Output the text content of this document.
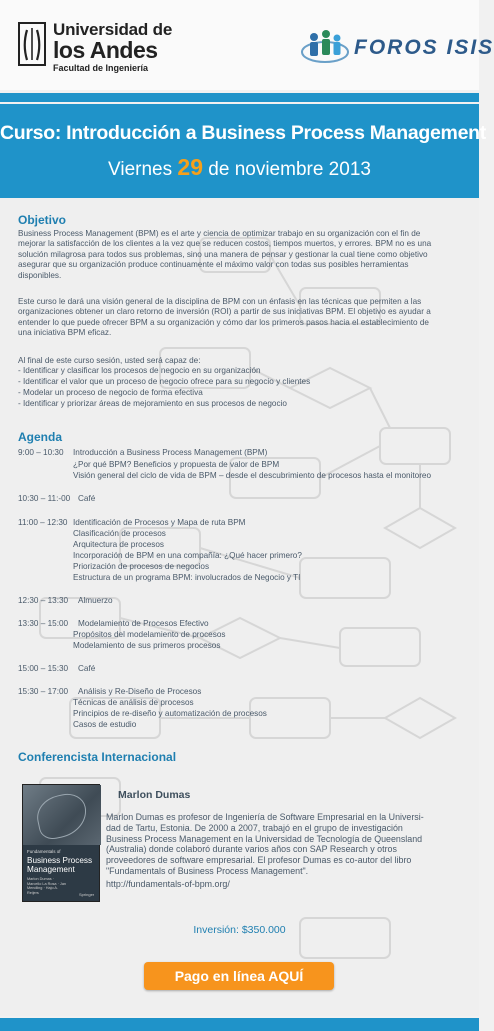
Universidad de
los Andes
Facultad de Ingeniería
FOROS ISIS
Curso: Introducción a Business Process Management
Viernes 29 de noviembre 2013
Objetivo
Business Process Management (BPM) es el arte y ciencia de optimizar trabajo en su organización con el fin de
mejorar la satisfacción de los clientes a la vez que se reducen costos, tiempos muertos, y errores. BPM no es una
solución milagrosa para todos sus problemas, sino una manera de pensar y gestionar la cual tiene como objetivo
asegurar que su organización produce continuamente el máximo valor con todas sus posibles herramientas
disponibles.
Este curso le dará una visión general de la disciplina de BPM con un énfasis en las técnicas que permiten a las
organizaciones obtener un claro retorno de inversión (ROI) a partir de sus iniciativas BPM. El objetivo es ayudar a
entender lo que puede ofrecer BPM a su organización y cómo dar los primeros pasos hacia el establecimiento de
una iniciativa BPM eficaz.
Al final de este curso sesión, usted será capaz de:
- Identificar y clasificar los procesos de negocio en su organización
- Identificar el valor que un proceso de negocio ofrece para su negocio y clientes
- Modelar un proceso de negocio de forma efectiva
- Identificar y priorizar áreas de mejoramiento en sus procesos de negocio
Agenda
9:00 – 10:30 Introducción a Business Process Management (BPM)
¿Por qué BPM? Beneficios y propuesta de valor de BPM
Visión general del ciclo de vida de BPM – desde el descubrimiento de procesos hasta el monitoreo
10:30 – 11:-00 Café
11:00 – 12:30 Identificación de Procesos y Mapa de ruta BPM
Clasificación de procesos
Arquitectura de procesos
Incorporación de BPM en una compañía: ¿Qué hacer primero?
Priorización de procesos de negocios
Estructura de un programa BPM: involucrados de Negocio y TI
12:30 – 13:30 Almuerzo
13:30 – 15:00 Modelamiento de Procesos Efectivo
Propósitos del modelamiento de procesos
Modelamiento de sus primeros procesos
15:00 – 15:30 Café
15:30 – 17:00 Análisis y Re-Diseño de Procesos
Técnicas de análisis de procesos
Principios de re-diseño y automatización de procesos
Casos de estudio
Conferencista Internacional
Fundamentals of
Business Process Management
Marlon Dumas · Marcello La Rosa · Jan Mendling · Hajo A. Reijers	Springer
Marlon Dumas
Marlon Dumas es profesor de Ingeniería de Software Empresarial en la Universi-
dad de Tartu, Estonia. De 2000 a 2007, trabajó en el grupo de investigación
Business Process Management en la Universidad de Tecnología de Queensland
(Australia) donde colaboró durante varios años con SAP Research y otros
proveedores de software empresarial. El profesor Dumas es co-autor del libro
"Fundamentals of Business Process Management".
http://fundamentals-of-bpm.org/
Inversión: $350.000
Pago en línea AQUÍ
